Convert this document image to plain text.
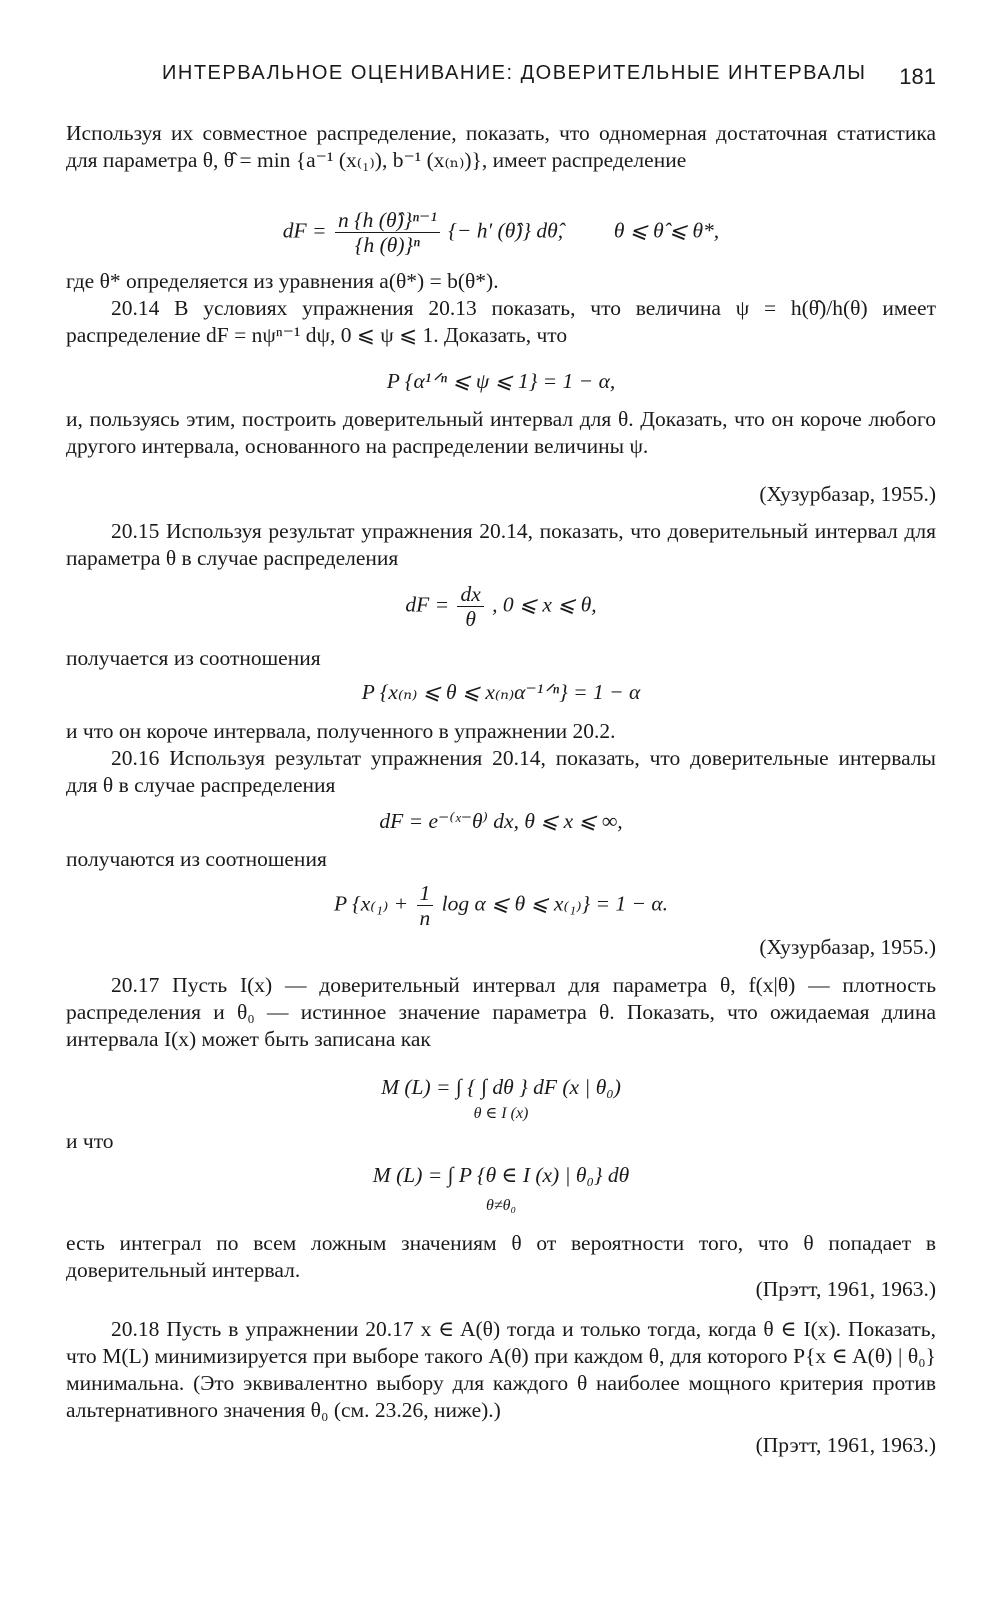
ИНТЕРВАЛЬНОЕ ОЦЕНИВАНИЕ: ДОВЕРИТЕЛЬНЫЕ ИНТЕРВАЛЫ 181
Используя их совместное распределение, показать, что одномерная достаточная статистика для параметра θ, θ̂ = min {a⁻¹ (x₍₁₎), b⁻¹ (x₍ₙ₎)}, имеет распределение
dF = $\frac{\text{n \{h (θ̂)\}ⁿ⁻¹}}{\text{\{h (θ)\}ⁿ}}$ {− h′ (θ̂)} dθ̂, θ ⩽ θ̂ ⩽ θ*,
где θ* определяется из уравнения a(θ*) = b(θ*).
20.14 В условиях упражнения 20.13 показать, что величина ψ = h(θ̂)/h(θ) имеет распределение dF = nψⁿ⁻¹ dψ, 0 ⩽ ψ ⩽ 1. Доказать, что
P {α¹ᐟⁿ ⩽ ψ ⩽ 1} = 1 − α,
и, пользуясь этим, построить доверительный интервал для θ. Доказать, что он короче любого другого интервала, основанного на распределении величины ψ.
(Хузурбазар, 1955.)
20.15 Используя результат упражнения 20.14, показать, что доверительный интервал для параметра θ в случае распределения
dF = $\frac{dx}{\theta}$ , 0 ⩽ x ⩽ θ,
получается из соотношения
P {x₍ₙ₎ ⩽ θ ⩽ x₍ₙ₎α⁻¹ᐟⁿ} = 1 − α
и что он короче интервала, полученного в упражнении 20.2.
20.16 Используя результат упражнения 20.14, показать, что доверительные интервалы для θ в случае распределения
dF = e⁻⁽ˣ⁻θ⁾ dx, θ ⩽ x ⩽ ∞,
получаются из соотношения
P {$x_{(1)} + \frac{1}{n}$ log α ⩽ θ ⩽ x₍₁₎} = 1 − α.
(Хузурбазар, 1955.)
20.17 Пусть I(x) — доверительный интервал для параметра θ, f(x|θ) — плотность распределения и θ₀ — истинное значение параметра θ. Показать, что ожидаемая длина интервала I(x) может быть записана как
M (L) = ∫ { ∫ dθ } dF (x | θ₀)
θ ∈ I (x)
и что
M (L) = ∫ P {θ ∈ I (x) | θ₀} dθ
θ≠θ₀
есть интеграл по всем ложным значениям θ от вероятности того, что θ попадает в доверительный интервал.
(Прэтт, 1961, 1963.)
20.18 Пусть в упражнении 20.17 x ∈ A(θ) тогда и только тогда, когда θ ∈ I(x). Показать, что M(L) минимизируется при выборе такого A(θ) при каждом θ, для которого P{x ∈ A(θ) | θ₀} минимальна. (Это эквивалентно выбору для каждого θ наиболее мощного критерия против альтернативного значения θ₀ (см. 23.26, ниже).)
(Прэтт, 1961, 1963.)
